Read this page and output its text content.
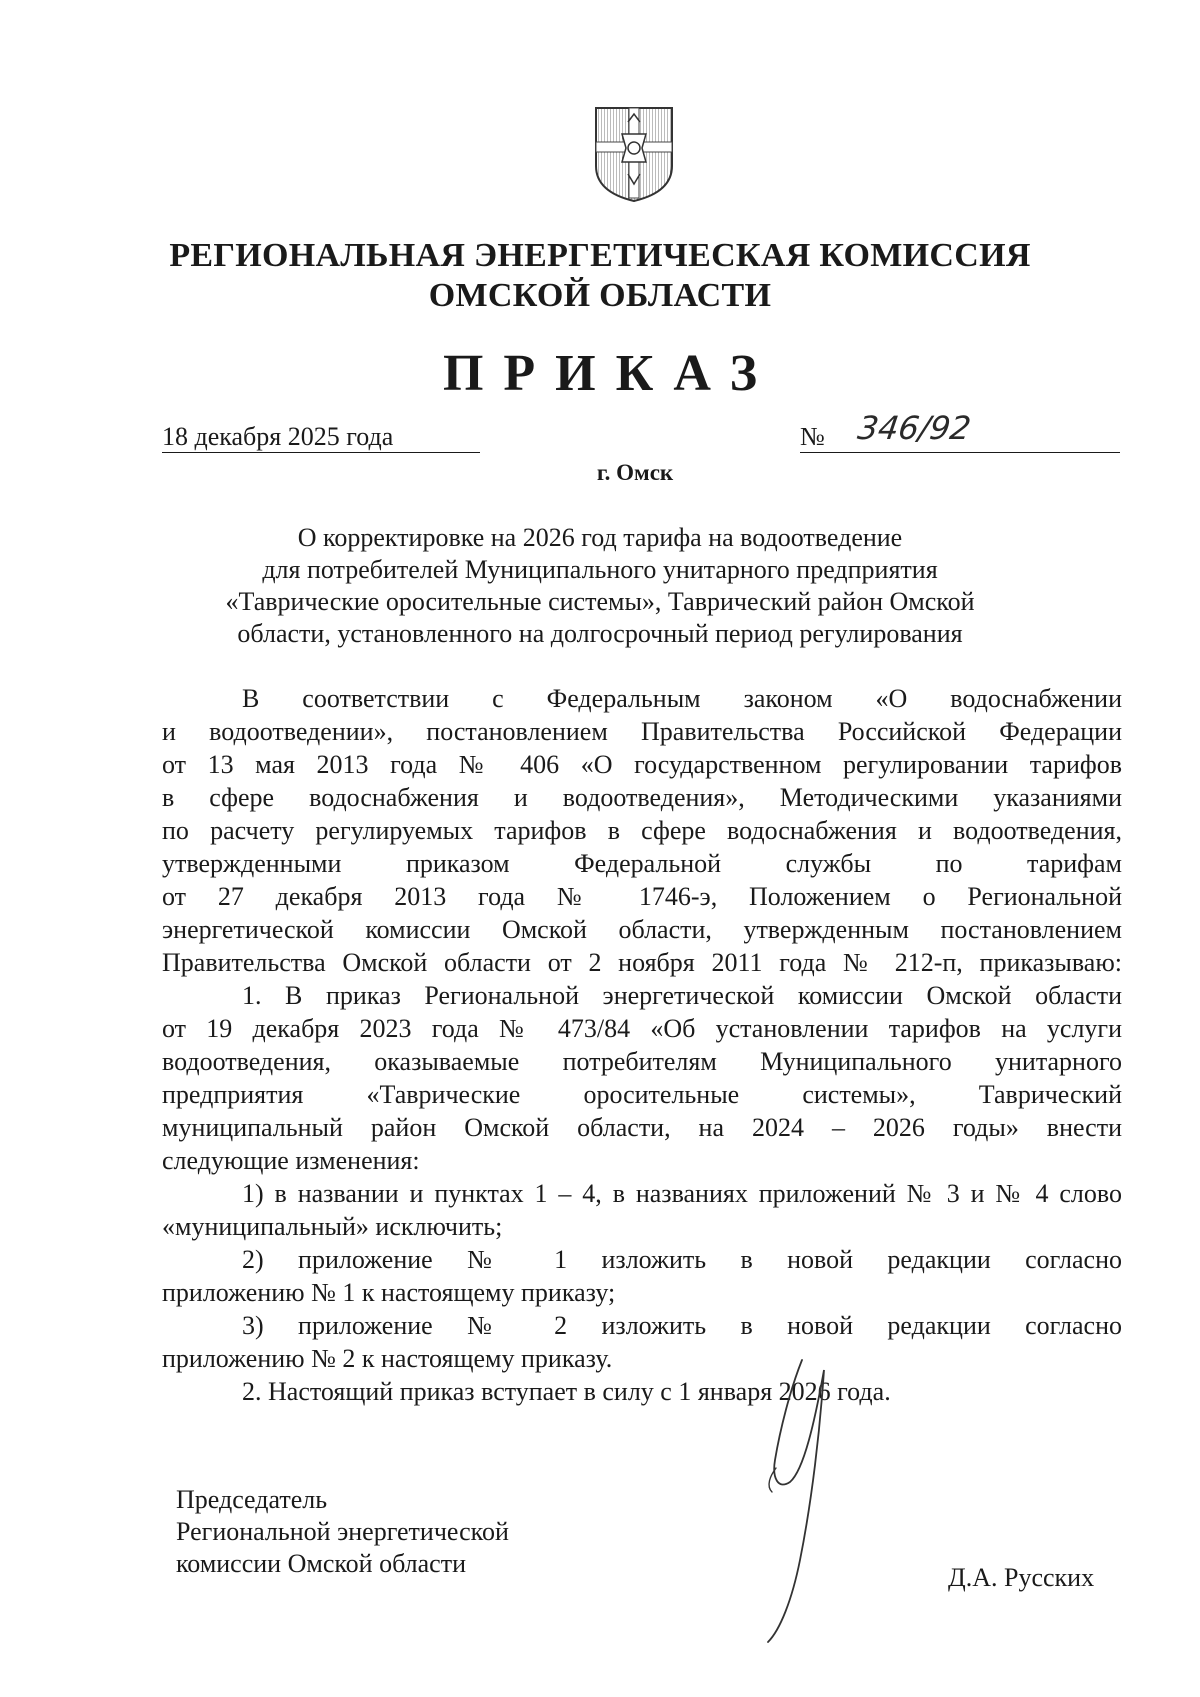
РЕГИОНАЛЬНАЯ ЭНЕРГЕТИЧЕСКАЯ КОМИССИЯ
ОМСКОЙ ОБЛАСТИ
ПРИКАЗ
18 декабря 2025 года	№ 346/92
г. Омск
О корректировке на 2026 год тарифа на водоотведение
для потребителей Муниципального унитарного предприятия
«Таврические оросительные системы», Таврический район Омской
области, установленного на долгосрочный период регулирования
В соответствии с Федеральным законом «О водоснабжении
и водоотведении», постановлением Правительства Российской Федерации
от 13 мая 2013 года № 406 «О государственном регулировании тарифов
в сфере водоснабжения и водоотведения», Методическими указаниями
по расчету регулируемых тарифов в сфере водоснабжения и водоотведения,
утвержденными приказом Федеральной службы по тарифам
от 27 декабря 2013 года № 1746-э, Положением о Региональной
энергетической комиссии Омской области, утвержденным постановлением
Правительства Омской области от 2 ноября 2011 года № 212-п, приказываю:
1. В приказ Региональной энергетической комиссии Омской области
от 19 декабря 2023 года № 473/84 «Об установлении тарифов на услуги
водоотведения, оказываемые потребителям Муниципального унитарного
предприятия «Таврические оросительные системы», Таврический
муниципальный район Омской области, на 2024 – 2026 годы» внести
следующие изменения:
1) в названии и пунктах 1 – 4, в названиях приложений № 3 и № 4 слово
«муниципальный» исключить;
2) приложение № 1 изложить в новой редакции согласно
приложению № 1 к настоящему приказу;
3) приложение № 2 изложить в новой редакции согласно
приложению № 2 к настоящему приказу.
2. Настоящий приказ вступает в силу с 1 января 2026 года.
Председатель
Региональной энергетической
комиссии Омской области	Д.А. Русских
